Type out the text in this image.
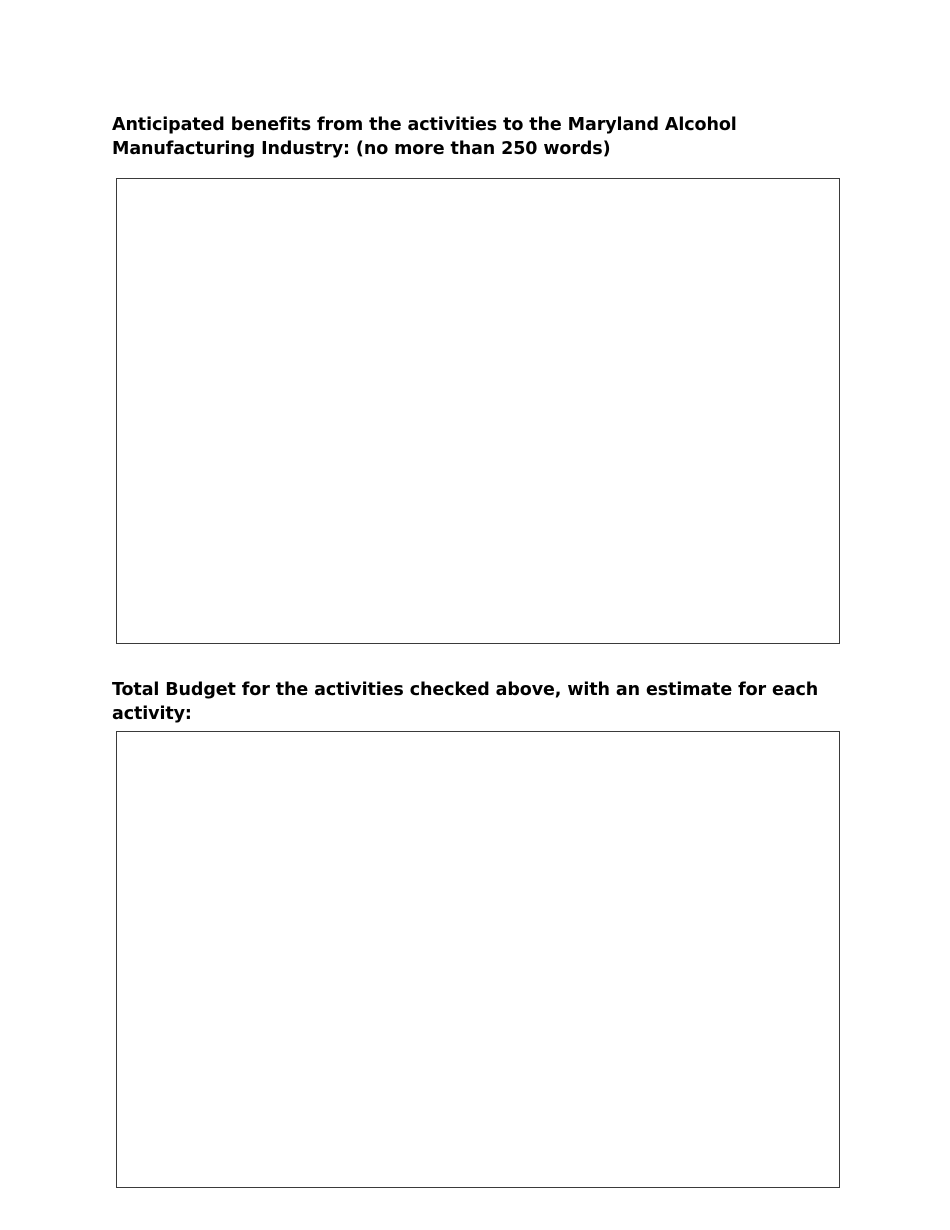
Anticipated benefits from the activities to the Maryland Alcohol Manufacturing Industry: (no more than 250 words)

Total Budget for the activities checked above, with an estimate for each activity:
